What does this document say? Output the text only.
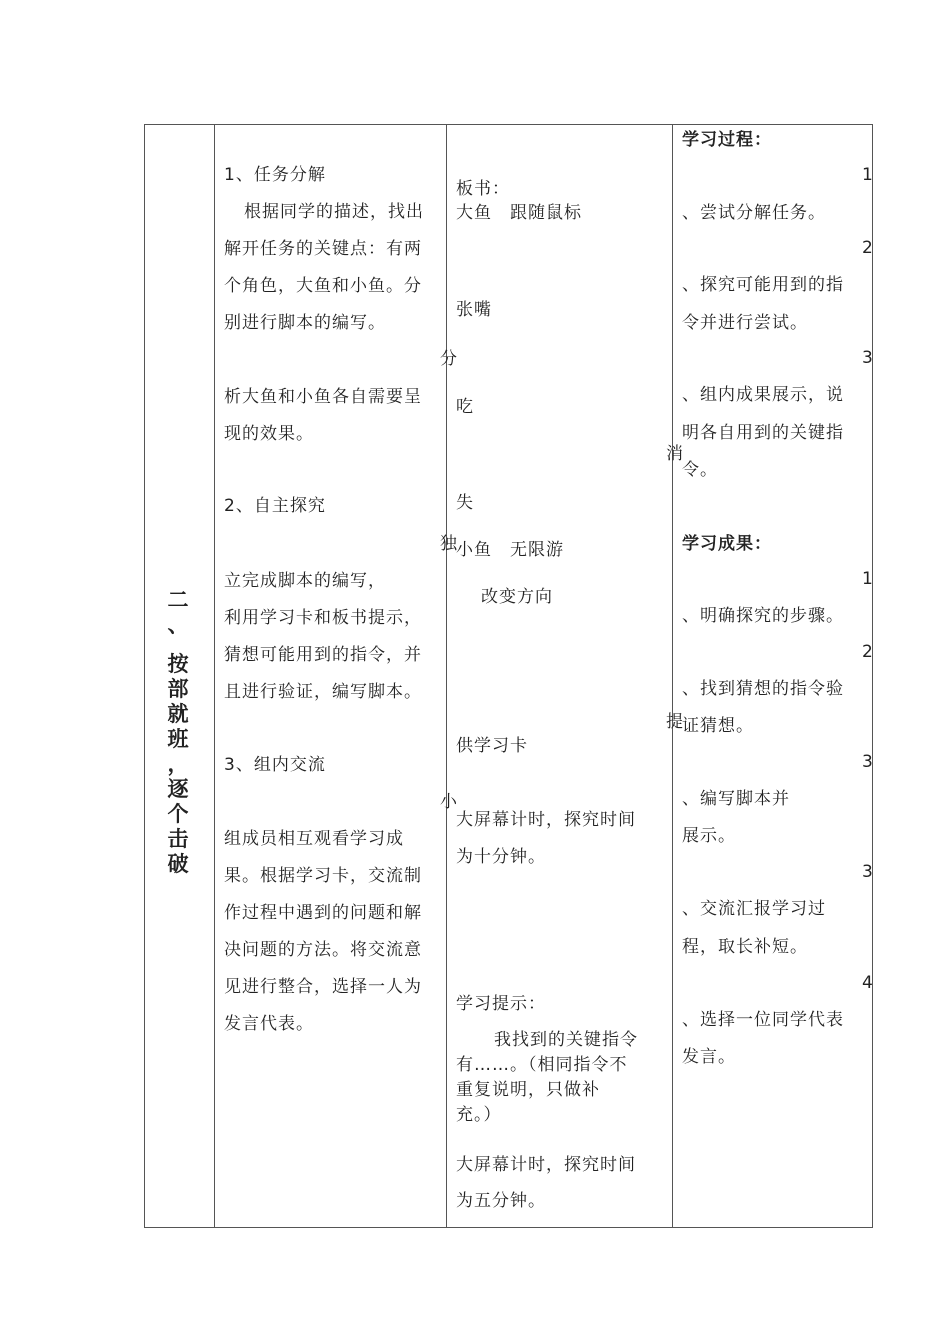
二
、
按
部
就
班
，
逐
个
击
破
1、任务分解
根据同学的描述，找出
解开任务的关键点：有两
个角色，大鱼和小鱼。分
别进行脚本的编写。
分
析大鱼和小鱼各自需要呈
现的效果。
2、自主探究
独
立完成脚本的编写，
利用学习卡和板书提示，
猜想可能用到的指令，并
且进行验证，编写脚本。
3、组内交流
小
组成员相互观看学习成
果。根据学习卡，交流制
作过程中遇到的问题和解
决问题的方法。将交流意
见进行整合，选择一人为
发言代表。
板书：
大鱼　跟随鼠标
张嘴
吃
消
失
小鱼　无限游
改变方向
提
供学习卡
大屏幕计时，探究时间
为十分钟。
学习提示：
我找到的关键指令
有……。（相同指令不
重复说明，只做补
充。）
大屏幕计时，探究时间
为五分钟。
学习过程：
1
、尝试分解任务。
2
、探究可能用到的指
令并进行尝试。
3
、组内成果展示，说
明各自用到的关键指
令。
学习成果：
1
、明确探究的步骤。
2
、找到猜想的指令验
证猜想。
3
、编写脚本并
展示。
3
、交流汇报学习过
程，取长补短。
4
、选择一位同学代表
发言。
